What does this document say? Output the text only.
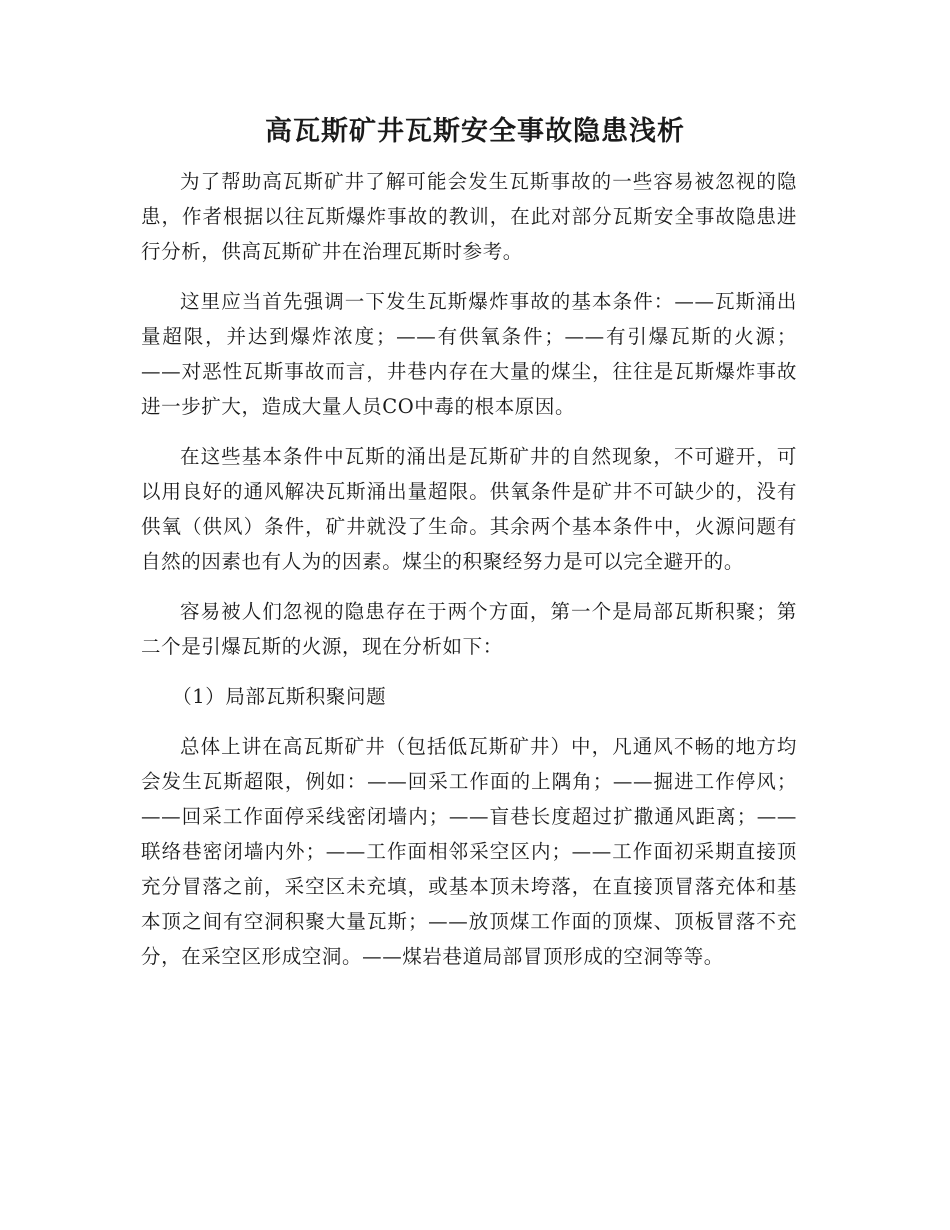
高瓦斯矿井瓦斯安全事故隐患浅析

为了帮助高瓦斯矿井了解可能会发生瓦斯事故的一些容易被忽视的隐患，作者根据以往瓦斯爆炸事故的教训，在此对部分瓦斯安全事故隐患进行分析，供高瓦斯矿井在治理瓦斯时参考。

这里应当首先强调一下发生瓦斯爆炸事故的基本条件：——瓦斯涌出量超限，并达到爆炸浓度；——有供氧条件；——有引爆瓦斯的火源；——对恶性瓦斯事故而言，井巷内存在大量的煤尘，往往是瓦斯爆炸事故进一步扩大，造成大量人员CO中毒的根本原因。

在这些基本条件中瓦斯的涌出是瓦斯矿井的自然现象，不可避开，可以用良好的通风解决瓦斯涌出量超限。供氧条件是矿井不可缺少的，没有供氧（供风）条件，矿井就没了生命。其余两个基本条件中，火源问题有自然的因素也有人为的因素。煤尘的积聚经努力是可以完全避开的。

容易被人们忽视的隐患存在于两个方面，第一个是局部瓦斯积聚；第二个是引爆瓦斯的火源，现在分析如下：

（1）局部瓦斯积聚问题

总体上讲在高瓦斯矿井（包括低瓦斯矿井）中，凡通风不畅的地方均会发生瓦斯超限，例如：——回采工作面的上隅角；——掘进工作停风；——回采工作面停采线密闭墙内；——盲巷长度超过扩撒通风距离；——联络巷密闭墙内外；——工作面相邻采空区内；——工作面初采期直接顶充分冒落之前，采空区未充填，或基本顶未垮落，在直接顶冒落充体和基本顶之间有空洞积聚大量瓦斯；——放顶煤工作面的顶煤、顶板冒落不充分，在采空区形成空洞。——煤岩巷道局部冒顶形成的空洞等等。
